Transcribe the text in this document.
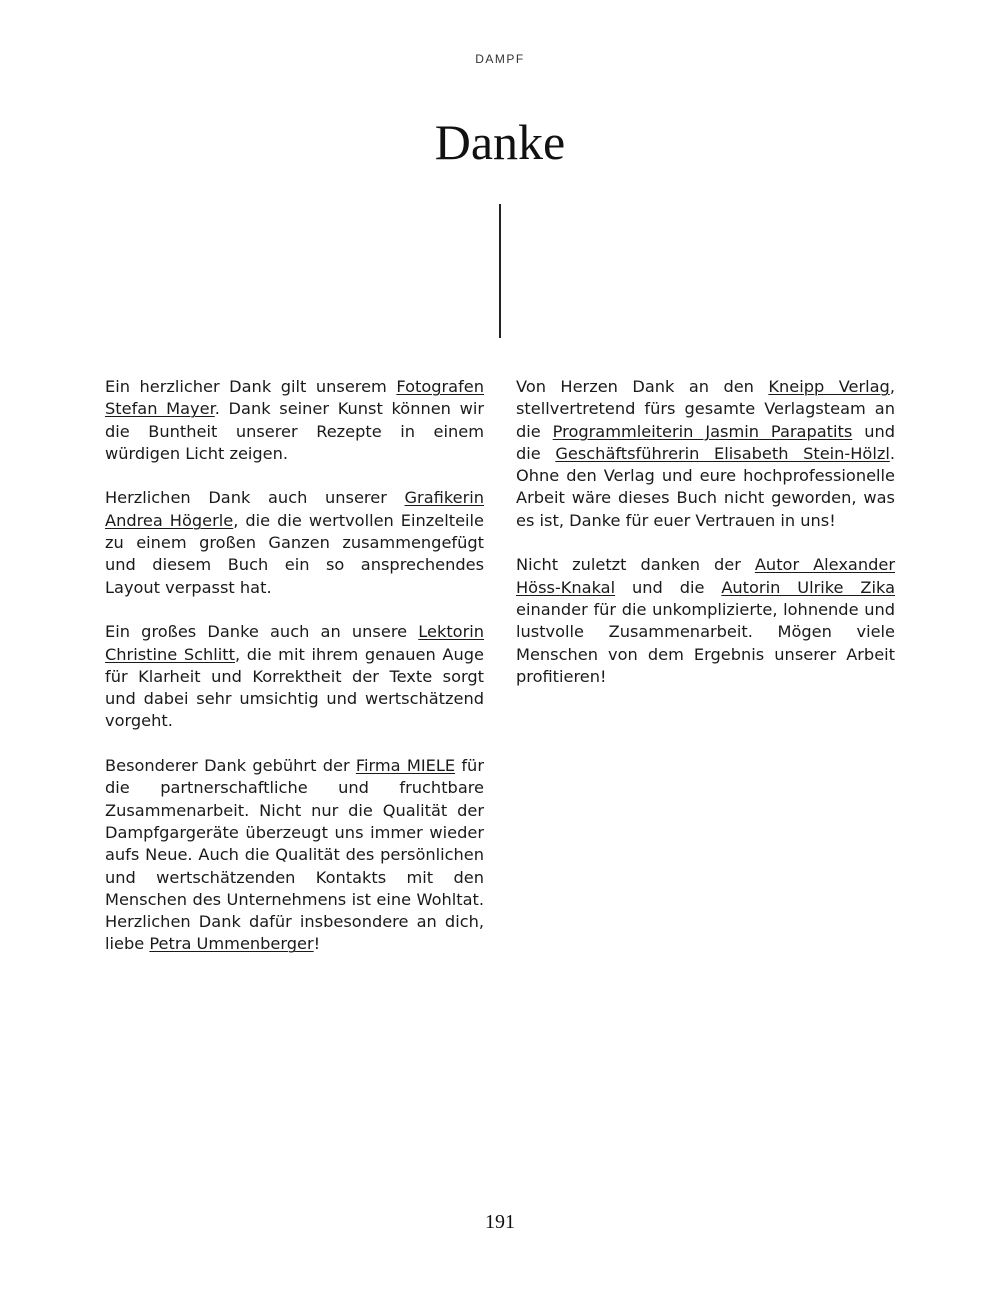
DAMPF
Danke

Ein herzlicher Dank gilt unserem Fotografen Stefan Mayer. Dank seiner Kunst können wir die Buntheit unserer Rezepte in einem würdigen Licht zeigen.

Herzlichen Dank auch unserer Grafikerin Andrea Högerle, die die wertvollen Einzelteile zu einem großen Ganzen zusammengefügt und diesem Buch ein so ansprechendes Layout verpasst hat.

Ein großes Danke auch an unsere Lektorin Christine Schlitt, die mit ihrem genauen Auge für Klarheit und Korrektheit der Texte sorgt und dabei sehr umsichtig und wertschätzend vorgeht.

Besonderer Dank gebührt der Firma MIELE für die partnerschaftliche und fruchtbare Zusammenarbeit. Nicht nur die Qualität der Dampfgargeräte überzeugt uns immer wieder aufs Neue. Auch die Qualität des persönlichen und wertschätzenden Kontakts mit den Menschen des Unternehmens ist eine Wohltat. Herzlichen Dank dafür insbesondere an dich, liebe Petra Ummenberger!

Von Herzen Dank an den Kneipp Verlag, stellvertretend fürs gesamte Verlagsteam an die Programmleiterin Jasmin Parapatits und die Geschäftsführerin Elisabeth Stein-Hölzl. Ohne den Verlag und eure hochprofessionelle Arbeit wäre dieses Buch nicht geworden, was es ist, Danke für euer Vertrauen in uns!

Nicht zuletzt danken der Autor Alexander Höss-Knakal und die Autorin Ulrike Zika einander für die unkomplizierte, lohnende und lustvolle Zusammenarbeit. Mögen viele Menschen von dem Ergebnis unserer Arbeit profitieren!

191
